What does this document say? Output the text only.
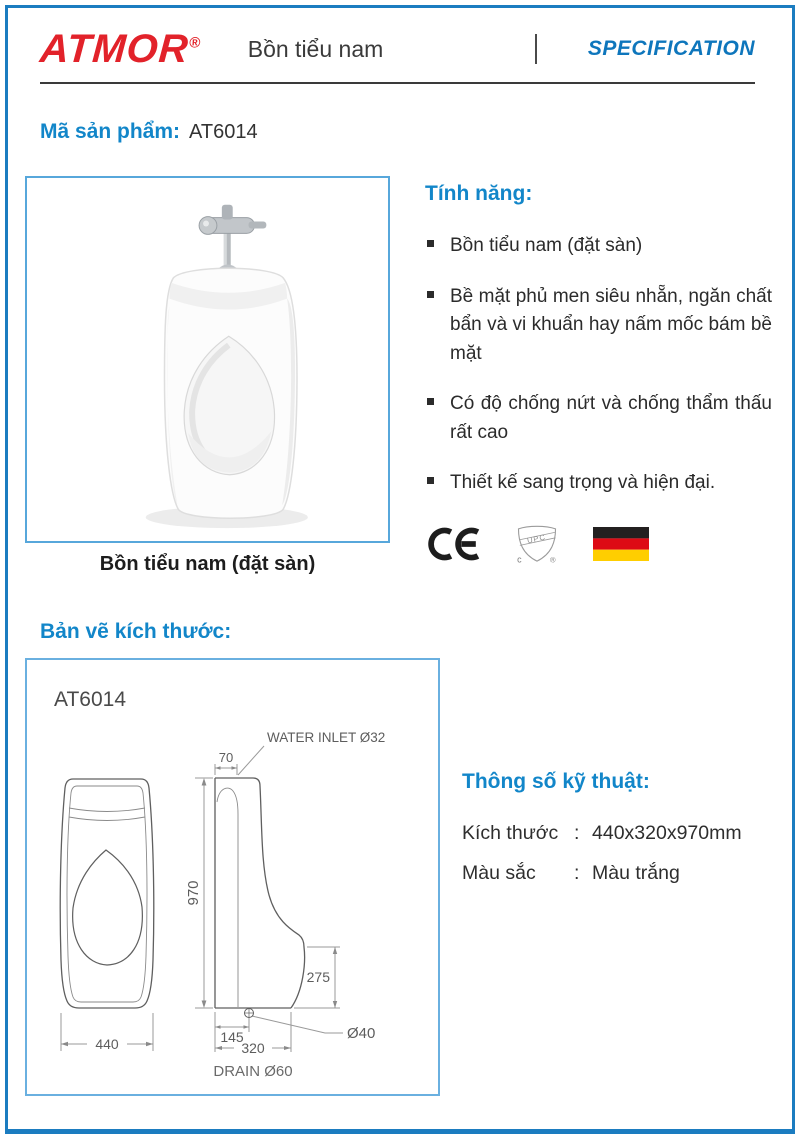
ATMOR® Bồn tiểu nam	SPECIFICATION
Mã sản phẩm: AT6014
Bồn tiểu nam (đặt sàn)
Tính năng:
Bồn tiểu nam (đặt sàn)
Bề mặt phủ men siêu nhẵn, ngăn chất bẩn và vi khuẩn hay nấm mốc bám bề mặt
Có độ chống nứt và chống thẩm thấu rất cao
Thiết kế sang trọng và hiện đại.
UPC
c	®
Bản vẽ kích thước:
AT6014
WATER INLET Ø32
70
970
440
275
145
320
Ø40
DRAIN Ø60
Thông số kỹ thuật:
Kích thước : 440x320x970mm
Màu sắc : Màu trắng
